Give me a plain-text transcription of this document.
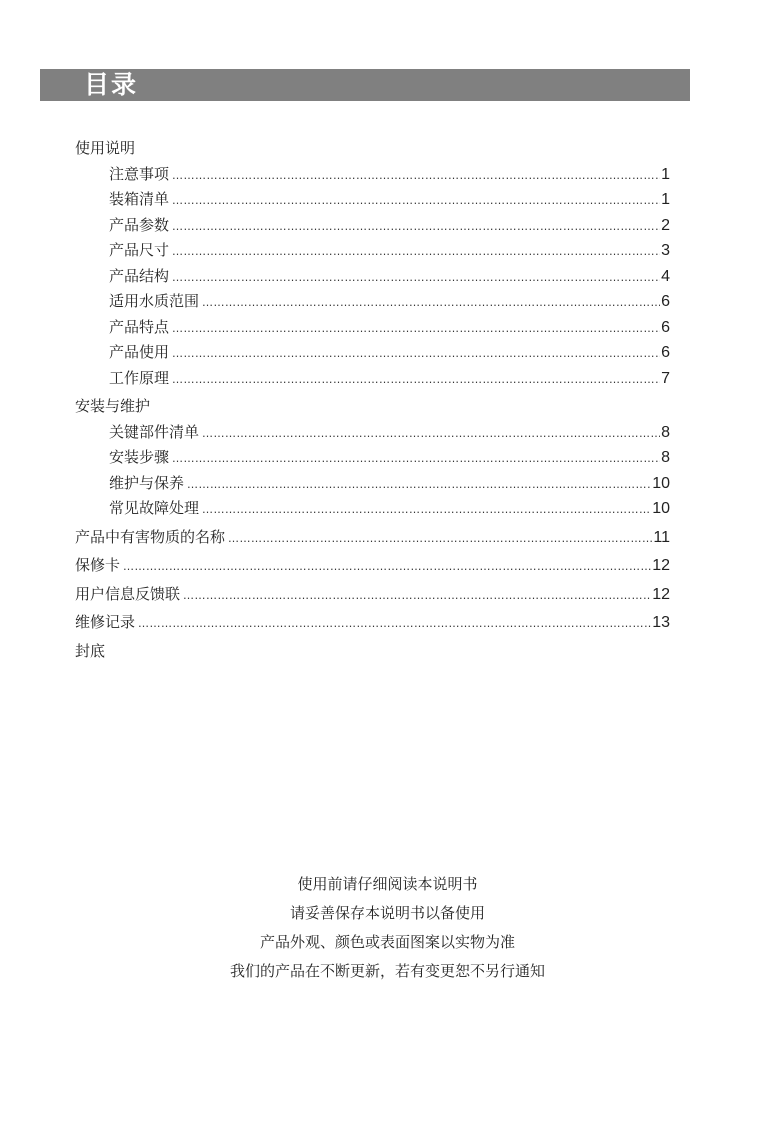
目录
使用说明
注意事项 …………………………………………………………………………………………………………………………………………………………………………………………	1
装箱清单 …………………………………………………………………………………………………………………………………………………………………………………………	1
产品参数 …………………………………………………………………………………………………………………………………………………………………………………………	2
产品尺寸 …………………………………………………………………………………………………………………………………………………………………………………………	3
产品结构 …………………………………………………………………………………………………………………………………………………………………………………………	4
适用水质范围 …………………………………………………………………………………………………………………………………………………………………………………………	6
产品特点 …………………………………………………………………………………………………………………………………………………………………………………………	6
产品使用 …………………………………………………………………………………………………………………………………………………………………………………………	6
工作原理 …………………………………………………………………………………………………………………………………………………………………………………………	7
安装与维护
关键部件清单 …………………………………………………………………………………………………………………………………………………………………………………………	8
安装步骤 …………………………………………………………………………………………………………………………………………………………………………………………	8
维护与保养 …………………………………………………………………………………………………………………………………………………………………………………………	10
常见故障处理 …………………………………………………………………………………………………………………………………………………………………………………………	10
产品中有害物质的名称 …………………………………………………………………………………………………………………………………………………………………………………………	11
保修卡 …………………………………………………………………………………………………………………………………………………………………………………………	12
用户信息反馈联 …………………………………………………………………………………………………………………………………………………………………………………………	12
维修记录 …………………………………………………………………………………………………………………………………………………………………………………………	13
封底
使用前请仔细阅读本说明书
请妥善保存本说明书以备使用
产品外观、颜色或表面图案以实物为准
我们的产品在不断更新，若有变更恕不另行通知
